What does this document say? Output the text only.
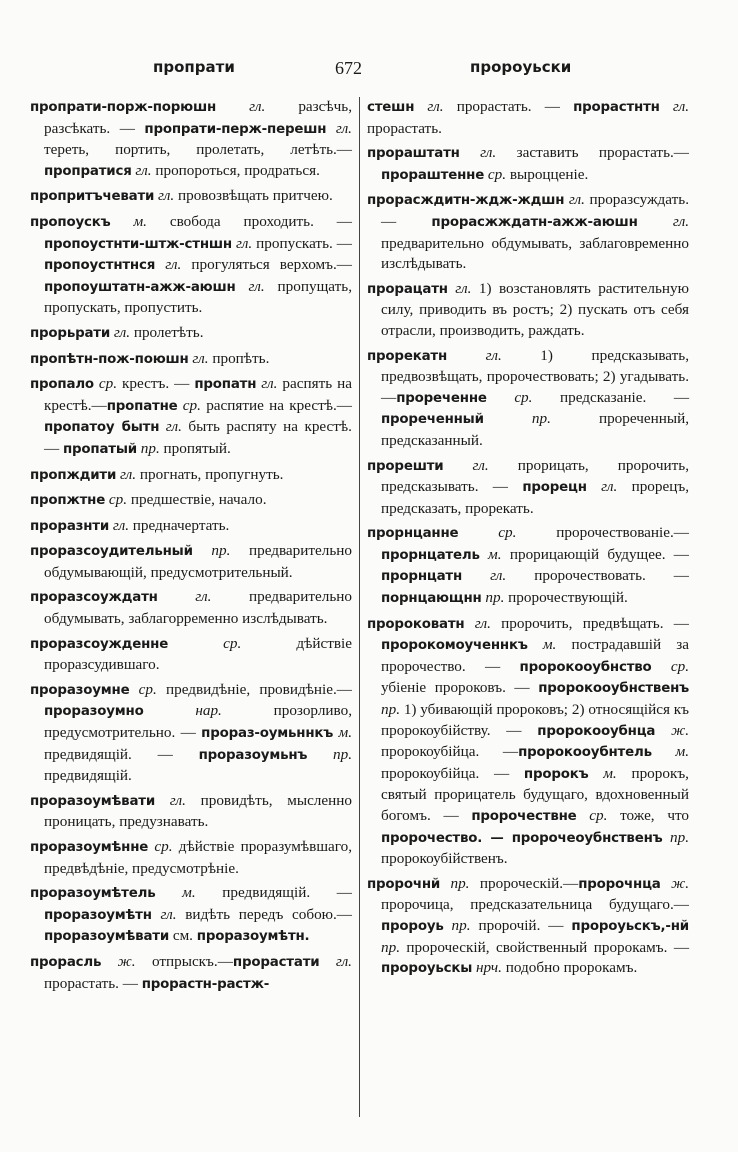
пропрати	672	пророуьски

пропрати-порж-порюшн гл. разсѣчь, разсѣкать. — пропрати-перж-перешн гл. тереть, портить, пролетать, летѣть.—пропратися гл. пропороться, продраться.

пропритъчевати гл. провозвѣщать притчею.

пропоускъ м. свобода проходить. — пропоустнти-штж-стншн гл. пропускать. — пропоустнтнся гл. прогуляться верхомъ.—пропоуштатн-ажж-аюшн гл. пропущать, пропускать, пропустить.

прорьрати гл. пролетѣть.

пропѣтн-пож-поюшн гл. пропѣть.

пропало ср. крестъ. — пропатн гл. распять на крестѣ.—пропатне ср. распятие на крестѣ.—пропатоу бытн гл. быть распяту на крестѣ. — пропатый пр. пропятый.

пропждити гл. прогнать, пропугнуть.

пропжтне ср. предшествіе, начало.

проразнти гл. предначертать.

проразсоудительный пр. предварительно обдумывающій, предусмотрительный.

проразсоуждатн гл. предварительно обдумывать, заблагорременно изслѣдывать.

проразсоужденне ср. дѣйствіе проразсудившаго.

проразоумне ср. предвидѣніе, провидѣніе.—проразоумно нар. прозорливо, предусмотрительно. — прораз-оумьннкъ м. предвидящій. — проразоумьнъ пр. предвидящій.

проразоумѣвати гл. провидѣть, мысленно проницать, предузнавать.

проразоумѣнне ср. дѣйствіе проразумѣвшаго, предвѣдѣніе, предусмотрѣніе.

проразоумѣтель м. предвидящій. — проразоумѣтн гл. видѣть передъ собою.—проразоумѣвати см. проразоумѣтн.

прорасль ж. отпрыскъ.—прорастати гл. прорастать. — прорастн-растж-

стешн гл. прорастать. — прорастнтн гл. прорастать.

прораштатн гл. заставить прорастать.—прораштенне ср. выроцценіе.

прорасждитн-ждж-ждшн гл. проразсуждать.— прорасжждатн-ажж-аюшн гл. предварительно обдумывать, заблаговременно изслѣдывать.

прорацатн гл. 1) возстановлять растительную силу, приводить въ ростъ; 2) пускать отъ себя отрасли, производить, раждать.

прорекатн гл. 1) предсказывать, предвозвѣщать, пророчествовать; 2) угадывать.—прореченне ср. предсказаніе. — прореченный пр. прореченный, предсказанный.

прорешти гл. прорицать, пророчить, предсказывать. — прорецн гл. прорецъ, предсказать, прорекать.

прорнцанне ср. пророчествованіе.— прорнцатель м. прорицающій будущее. — прорнцатн гл. пророчествовать. — порнцающнн пр. пророчествующій.

пророковатн гл. пророчить, предвѣщать. — пророкомоученнкъ м. пострадавшій за пророчество. — пророкооубнство ср. убіеніе пророковъ. — пророкооубнственъ пр. 1) убивающій пророковъ; 2) относящійся къ пророкоубійству. — пророкооубнца ж. пророкоубійца. —пророкооубнтель м. пророкоубійца. — пророкъ м. пророкъ, святый прорицатель будущаго, вдохновенный богомъ. — пророчествне ср. тоже, что пророчество. — пророчеоубнственъ пр. пророкоубійственъ.

пророчнй пр. пророческій.—пророчнца ж. пророчица, предсказательница будущаго.—пророуь пр. пророчій. — пророуьскъ,-нй пр. пророческій, свойственный пророкамъ. — пророуьскы нрч. подобно пророкамъ.
